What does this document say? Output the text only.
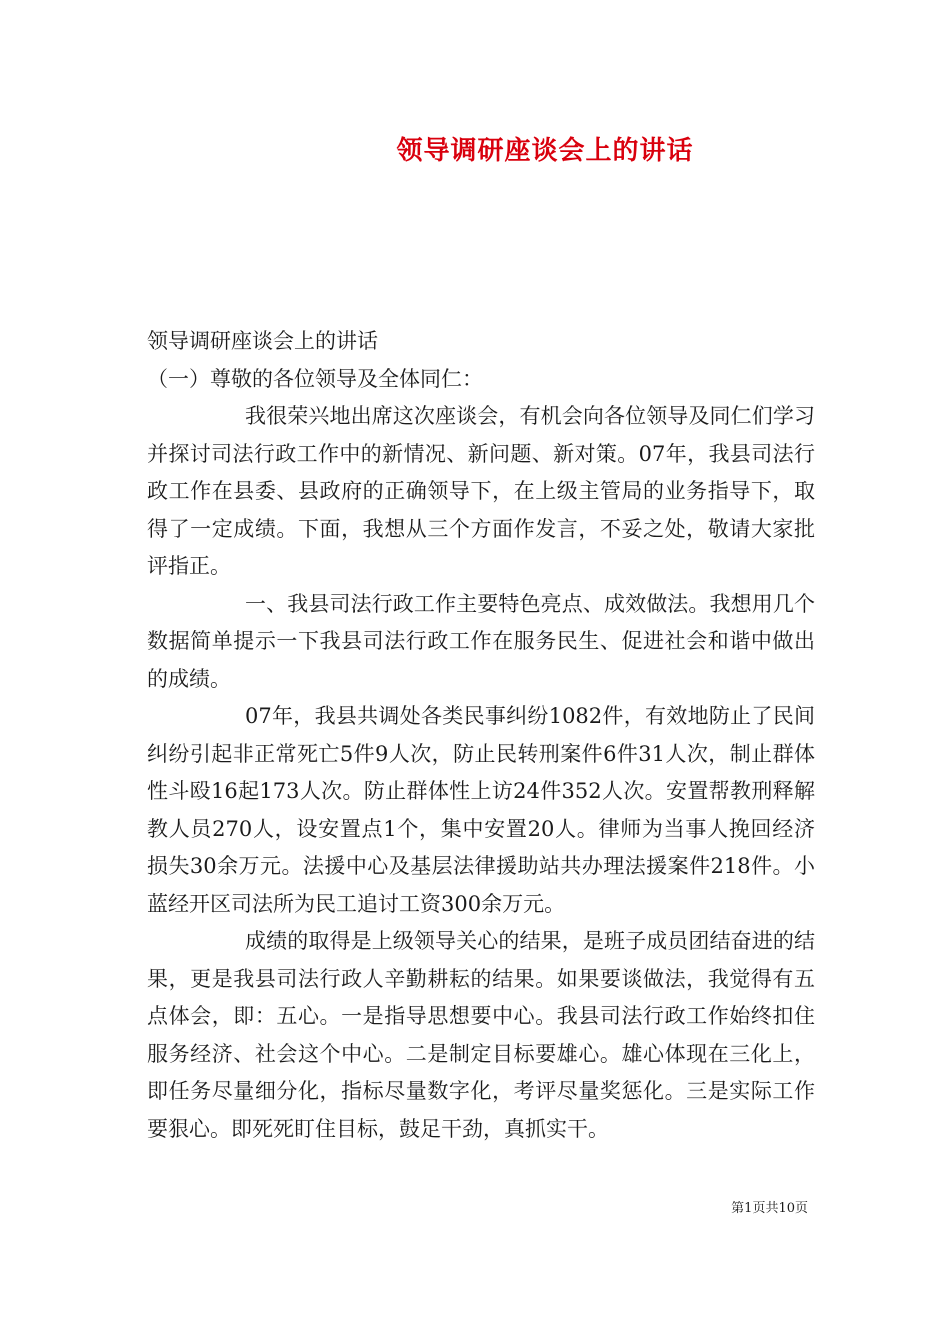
领导调研座谈会上的讲话

领导调研座谈会上的讲话

（一）尊敬的各位领导及全体同仁：

我很荣兴地出席这次座谈会，有机会向各位领导及同仁们学习并探讨司法行政工作中的新情况、新问题、新对策。07年，我县司法行政工作在县委、县政府的正确领导下，在上级主管局的业务指导下，取得了一定成绩。下面，我想从三个方面作发言，不妥之处，敬请大家批评指正。

一、我县司法行政工作主要特色亮点、成效做法。我想用几个数据简单提示一下我县司法行政工作在服务民生、促进社会和谐中做出的成绩。

07年，我县共调处各类民事纠纷1082件，有效地防止了民间纠纷引起非正常死亡5件9人次，防止民转刑案件6件31人次，制止群体性斗殴16起173人次。防止群体性上访24件352人次。安置帮教刑释解教人员270人，设安置点1个，集中安置20人。律师为当事人挽回经济损失30余万元。法援中心及基层法律援助站共办理法援案件218件。小蓝经开区司法所为民工追讨工资300余万元。

成绩的取得是上级领导关心的结果，是班子成员团结奋进的结果，更是我县司法行政人辛勤耕耘的结果。如果要谈做法，我觉得有五点体会，即：五心。一是指导思想要中心。我县司法行政工作始终扣住服务经济、社会这个中心。二是制定目标要雄心。雄心体现在三化上，即任务尽量细分化，指标尽量数字化，考评尽量奖惩化。三是实际工作要狠心。即死死盯住目标，鼓足干劲，真抓实干。

第1页共10页
